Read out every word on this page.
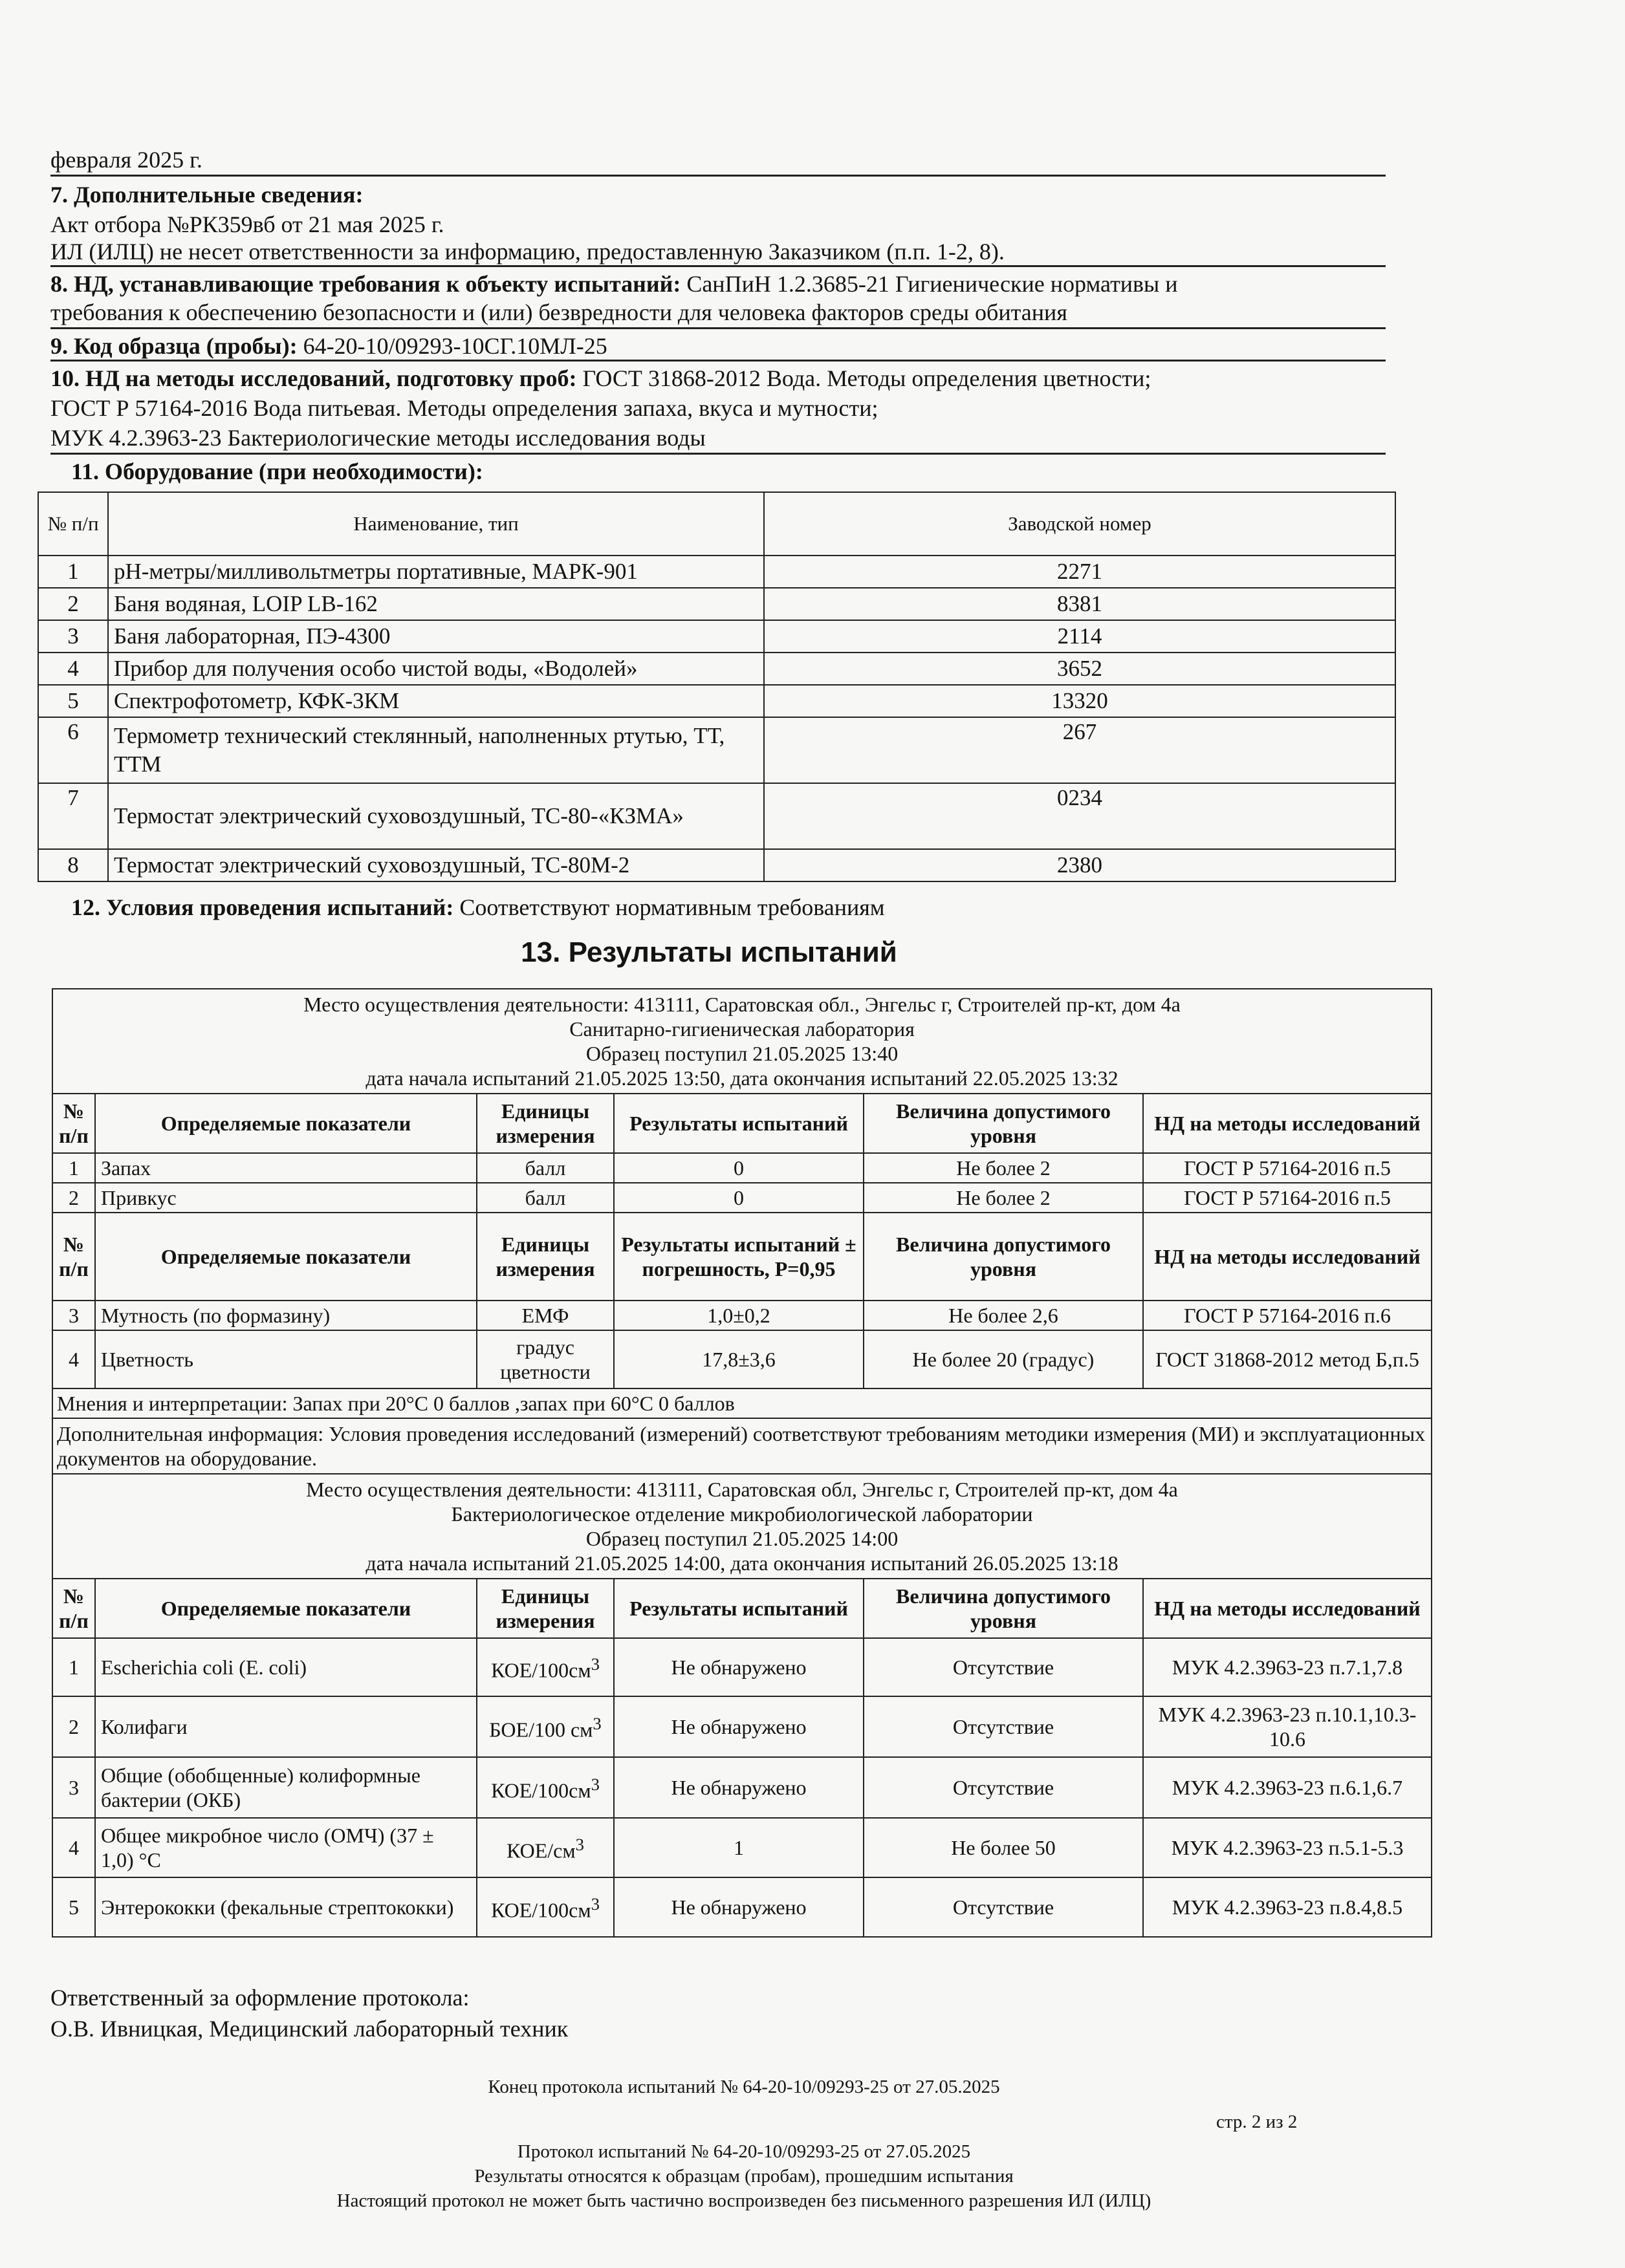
февраля 2025 г.
7. Дополнительные сведения:
Акт отбора №РК359вб от 21 мая 2025 г.
ИЛ (ИЛЦ) не несет ответственности за информацию, предоставленную Заказчиком (п.п. 1-2, 8).
8. НД, устанавливающие требования к объекту испытаний: СанПиН 1.2.3685-21 Гигиенические нормативы и
требования к обеспечению безопасности и (или) безвредности для человека факторов среды обитания
9. Код образца (пробы): 64-20-10/09293-10СГ.10МЛ-25
10. НД на методы исследований, подготовку проб: ГОСТ 31868-2012 Вода. Методы определения цветности;
ГОСТ Р 57164-2016 Вода питьевая. Методы определения запаха, вкуса и мутности;
МУК 4.2.3963-23 Бактериологические методы исследования воды
11. Оборудование (при необходимости):
№ п/п	Наименование, тип	Заводской номер
1	pH-метры/милливольтметры портативные, МАРК-901	2271
2	Баня водяная, LOIP LB-162	8381
3	Баня лабораторная, ПЭ-4300	2114
4	Прибор для получения особо чистой воды, «Водолей»	3652
5	Спектрофотометр, КФК-3КМ	13320
6	Термометр технический стеклянный, наполненных ртутью, ТТ, ТТМ	267
7	Термостат электрический суховоздушный, ТС-80-«КЗМА»	0234
8	Термостат электрический суховоздушный, ТС-80М-2	2380
12. Условия проведения испытаний: Соответствуют нормативным требованиям
13. Результаты испытаний
Место осуществления деятельности: 413111, Саратовская обл., Энгельс г, Строителей пр-кт, дом 4а
Санитарно-гигиеническая лаборатория
Образец поступил 21.05.2025 13:40
дата начала испытаний 21.05.2025 13:50, дата окончания испытаний 22.05.2025 13:32					

№ п/п	Определяемые показатели	Единицы измерения	Результаты испытаний	Величина допустимого уровня	НД на методы исследований
1	Запах	балл	0	Не более 2	ГОСТ Р 57164-2016 п.5
2	Привкус	балл	0	Не более 2	ГОСТ Р 57164-2016 п.5
№ п/п	Определяемые показатели	Единицы измерения	Результаты испытаний ± погрешность, P=0,95	Величина допустимого уровня	НД на методы исследований
3	Мутность (по формазину)	ЕМФ	1,0±0,2	Не более 2,6	ГОСТ Р 57164-2016 п.6
4	Цветность	градус цветности	17,8±3,6	Не более 20 (градус)	ГОСТ 31868-2012 метод Б,п.5
Мнения и интерпретации: Запах при 20°С 0 баллов ,запах при 60°С 0 баллов					
Дополнительная информация: Условия проведения исследований (измерений) соответствуют требованиям методики измерения (МИ) и эксплуатационных документов на оборудование.					

Место осуществления деятельности: 413111, Саратовская обл, Энгельс г, Строителей пр-кт, дом 4а
Бактериологическое отделение микробиологической лаборатории
Образец поступил 21.05.2025 14:00
дата начала испытаний 21.05.2025 14:00, дата окончания испытаний 26.05.2025 13:18					

№ п/п	Определяемые показатели	Единицы измерения	Результаты испытаний	Величина допустимого уровня	НД на методы исследований
1	Escherichia coli (E. coli)	КОЕ/$100см^3$	Не обнаружено	Отсутствие	МУК 4.2.3963-23 п.7.1,7.8
2	Колифаги	БОЕ/100 $см^3$	Не обнаружено	Отсутствие	МУК 4.2.3963-23 п.10.1,10.3-10.6
3	Общие (обобщенные) колиформные бактерии (ОКБ)	КОЕ/$100см^3$	Не обнаружено	Отсутствие	МУК 4.2.3963-23 п.6.1,6.7
4	Общее микробное число (ОМЧ) (37 ± 1,0) °С	КОЕ/$см^3$	1	Не более 50	МУК 4.2.3963-23 п.5.1-5.3
5	Энтерококки (фекальные стрептококки)	КОЕ/$100см^3$	Не обнаружено	Отсутствие	МУК 4.2.3963-23 п.8.4,8.5
Ответственный за оформление протокола:
О.В. Ивницкая, Медицинский лабораторный техник
Конец протокола испытаний № 64-20-10/09293-25 от 27.05.2025
стр. 2 из 2
Протокол испытаний № 64-20-10/09293-25 от 27.05.2025
Результаты относятся к образцам (пробам), прошедшим испытания
Настоящий протокол не может быть частично воспроизведен без письменного разрешения ИЛ (ИЛЦ)
